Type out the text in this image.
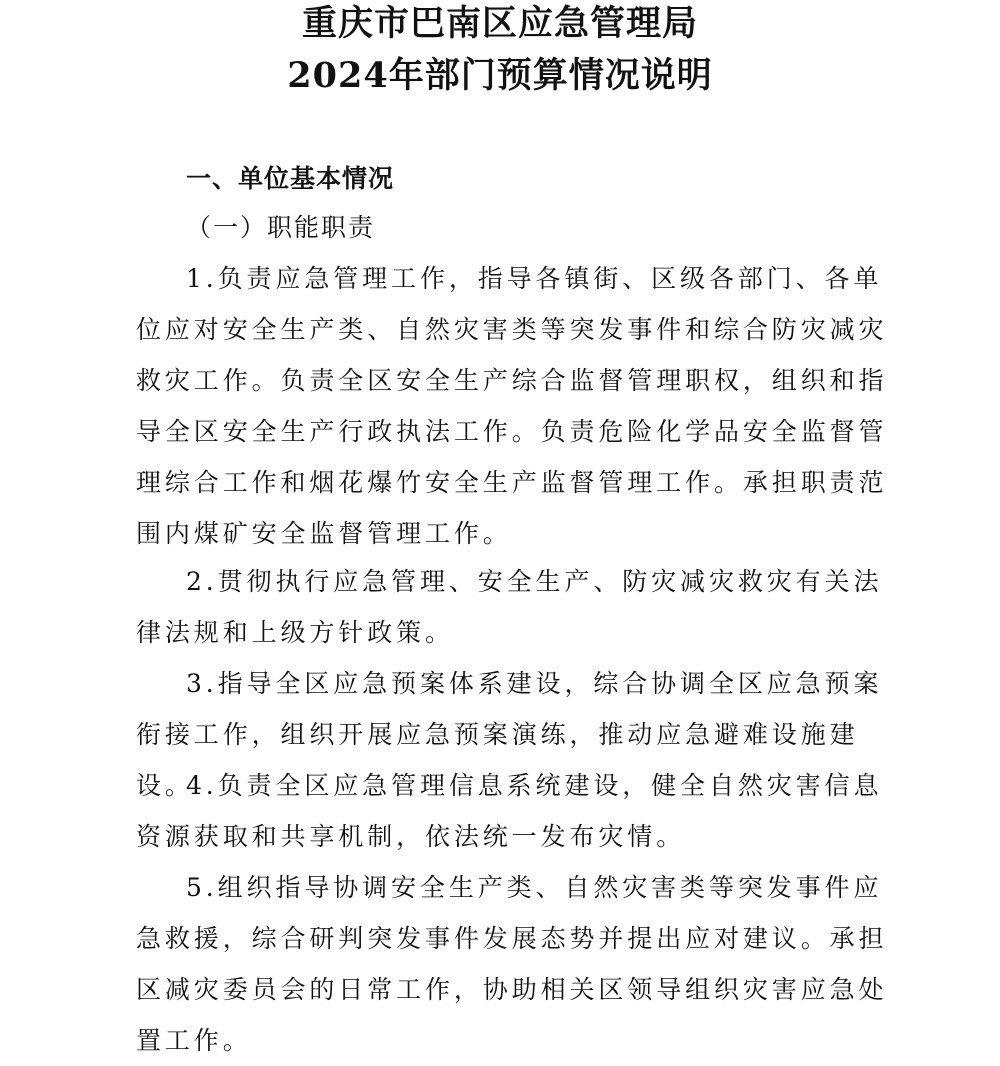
重庆市巴南区应急管理局
2024年部门预算情况说明
一、单位基本情况
（一）职能职责

1.负责应急管理工作，指导各镇街、区级各部门、各单位应对安全生产类、自然灾害类等突发事件和综合防灾减灾救灾工作。负责全区安全生产综合监督管理职权，组织和指导全区安全生产行政执法工作。负责危险化学品安全监督管理综合工作和烟花爆竹安全生产监督管理工作。承担职责范围内煤矿安全监督管理工作。

2.贯彻执行应急管理、安全生产、防灾减灾救灾有关法律法规和上级方针政策。

3.指导全区应急预案体系建设，综合协调全区应急预案衔接工作，组织开展应急预案演练，推动应急避难设施建设。

4.负责全区应急管理信息系统建设，健全自然灾害信息资源获取和共享机制，依法统一发布灾情。

5.组织指导协调安全生产类、自然灾害类等突发事件应急救援，综合研判突发事件发展态势并提出应对建议。承担区减灾委员会的日常工作，协助相关区领导组织灾害应急处置工作。
